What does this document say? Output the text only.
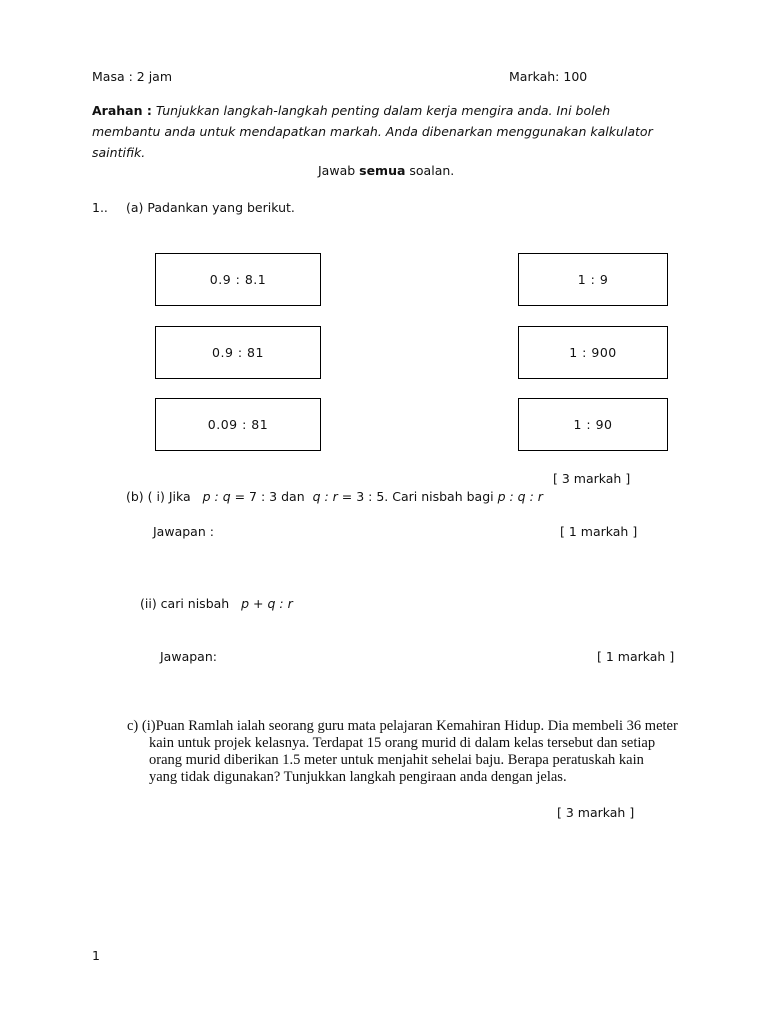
Masa : 2 jam	Markah: 100
Arahan : Tunjukkan langkah-langkah penting dalam kerja mengira anda. Ini boleh
membantu anda untuk mendapatkan markah. Anda dibenarkan menggunakan kalkulator
saintifik.
Jawab semua soalan.
1.. (a) Padankan yang berikut.
0.9 : 8.1
0.9 : 81
0.09 : 81
1 : 9
1 : 900
1 : 90
[ 3 markah ]
(b) ( i) Jika p : q = 7 : 3 dan  q : r = 3 : 5. Cari nisbah bagi p : q : r
Jawapan :	[ 1 markah ]
(ii) cari nisbah p + q : r
Jawapan:	[ 1 markah ]
c) (i)Puan Ramlah ialah seorang guru mata pelajaran Kemahiran Hidup. Dia membeli 36 meter
kain untuk projek kelasnya. Terdapat 15 orang murid di dalam kelas tersebut dan setiap
orang murid diberikan 1.5 meter untuk menjahit sehelai baju. Berapa peratuskah kain
yang tidak digunakan? Tunjukkan langkah pengiraan anda dengan jelas.
[ 3 markah ]
1
